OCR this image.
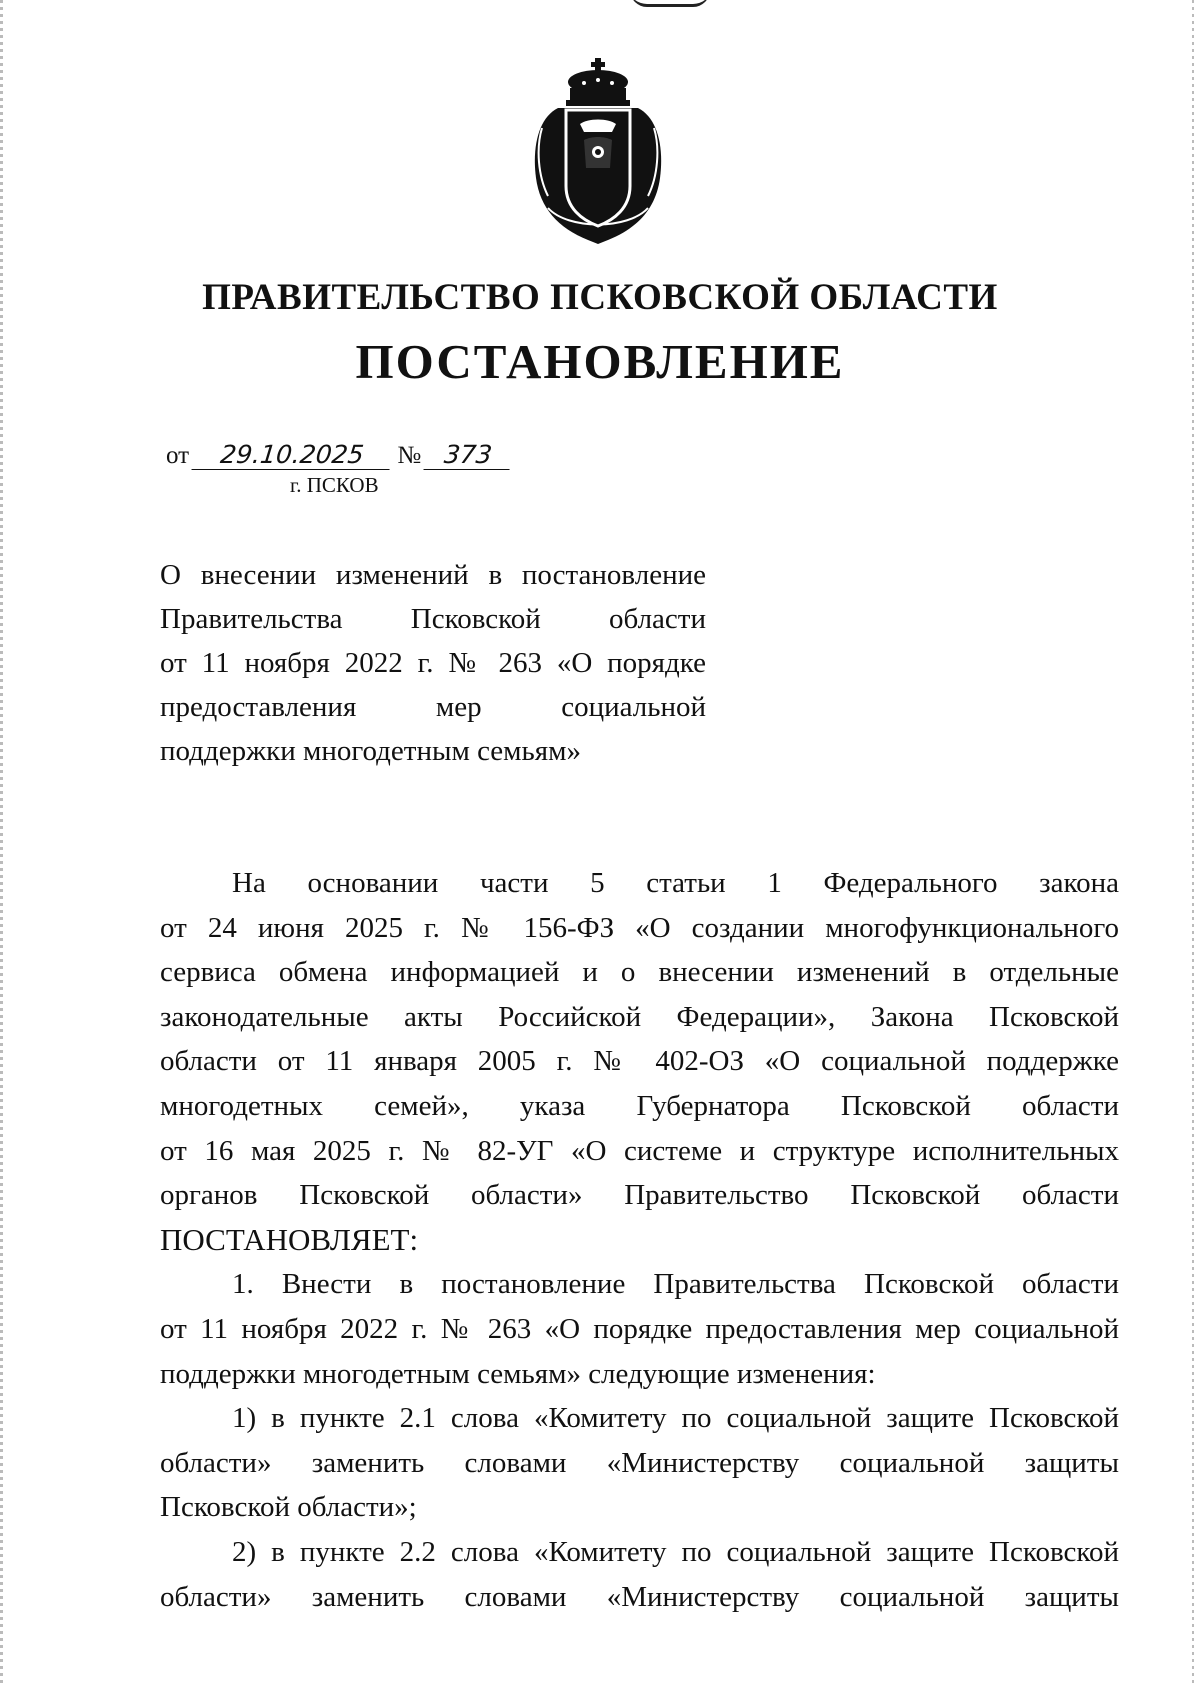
ПРАВИТЕЛЬСТВО ПСКОВСКОЙ ОБЛАСТИ
ПОСТАНОВЛЕНИЕ
от 29.10.2025 № 373
г. ПСКОВ
О внесении изменений в постановление
Правительства Псковской области
от 11 ноября 2022 г. № 263 «О порядке
предоставления мер социальной
поддержки многодетным семьям»
На основании части 5 статьи 1 Федерального закона
от 24 июня 2025 г. № 156-ФЗ «О создании многофункционального
сервиса обмена информацией и о внесении изменений в отдельные
законодательные акты Российской Федерации», Закона Псковской
области от 11 января 2005 г. № 402-ОЗ «О социальной поддержке
многодетных семей», указа Губернатора Псковской области
от 16 мая 2025 г. № 82-УГ «О системе и структуре исполнительных
органов Псковской области» Правительство Псковской области
ПОСТАНОВЛЯЕТ:
1. Внести в постановление Правительства Псковской области
от 11 ноября 2022 г. № 263 «О порядке предоставления мер социальной
поддержки многодетным семьям» следующие изменения:
1) в пункте 2.1 слова «Комитету по социальной защите Псковской
области» заменить словами «Министерству социальной защиты
Псковской области»;
2) в пункте 2.2 слова «Комитету по социальной защите Псковской
области» заменить словами «Министерству социальной защиты
